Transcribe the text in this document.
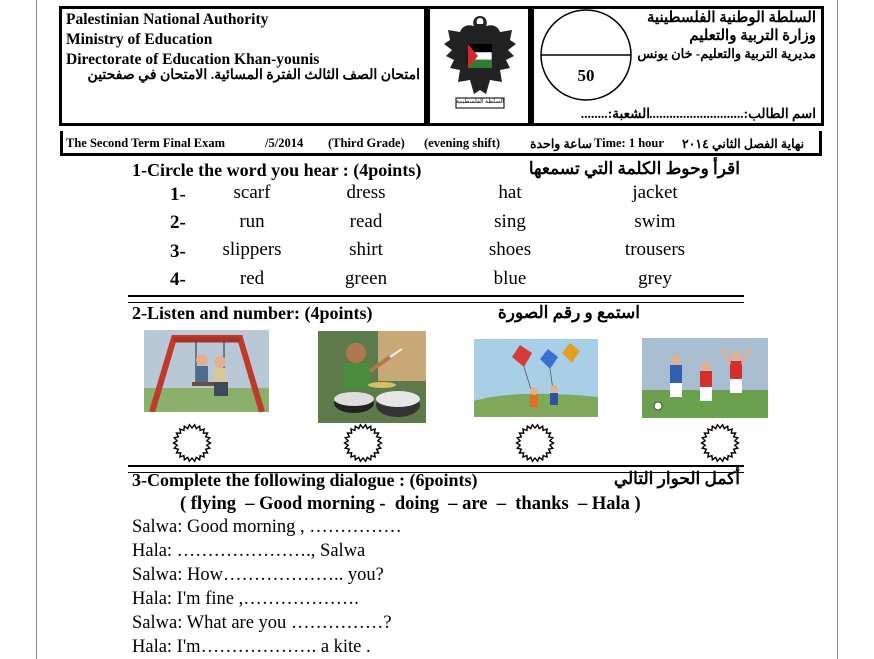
Palestinian National Authority
Ministry of Education
Directorate of Education Khan-younis
امتحان الصف الثالث الفترة المسائية. الامتحان في صفحتين
السلطة الفلسطينية
50
السلطة الوطنية الفلسطينية
وزارة التربية والتعليم
مديرية التربية والتعليم- خان يونس
اسم الطالب:............................
الشعبة:........
The Second Term Final Exam	/5/2014 (Third Grade) (evening shift) ساعة واحدة Time: 1 hour نهاية الفصل الثاني ٢٠١٤
1-Circle the word you hear : (4points)	اقرأ وحوط الكلمة التي تسمعها
1-	scarf	dress	hat	jacket
2-	run	read	sing	swim
3- slippers	shirt	shoes	trousers
4-	red	green	blue	grey
2-Listen and number: (4points)	استمع و رقم الصورة
3-Complete the following dialogue : (6points)	أكمل الحوار التالي
( flying  – Good morning -  doing  – are  –  thanks  – Hala )
Salwa: Good morning , ……………
Hala: …………………., Salwa
Salwa: How……………….. you?
Hala: I'm fine ,……………….
Salwa: What are you ……………?
Hala: I'm………………. a kite .
